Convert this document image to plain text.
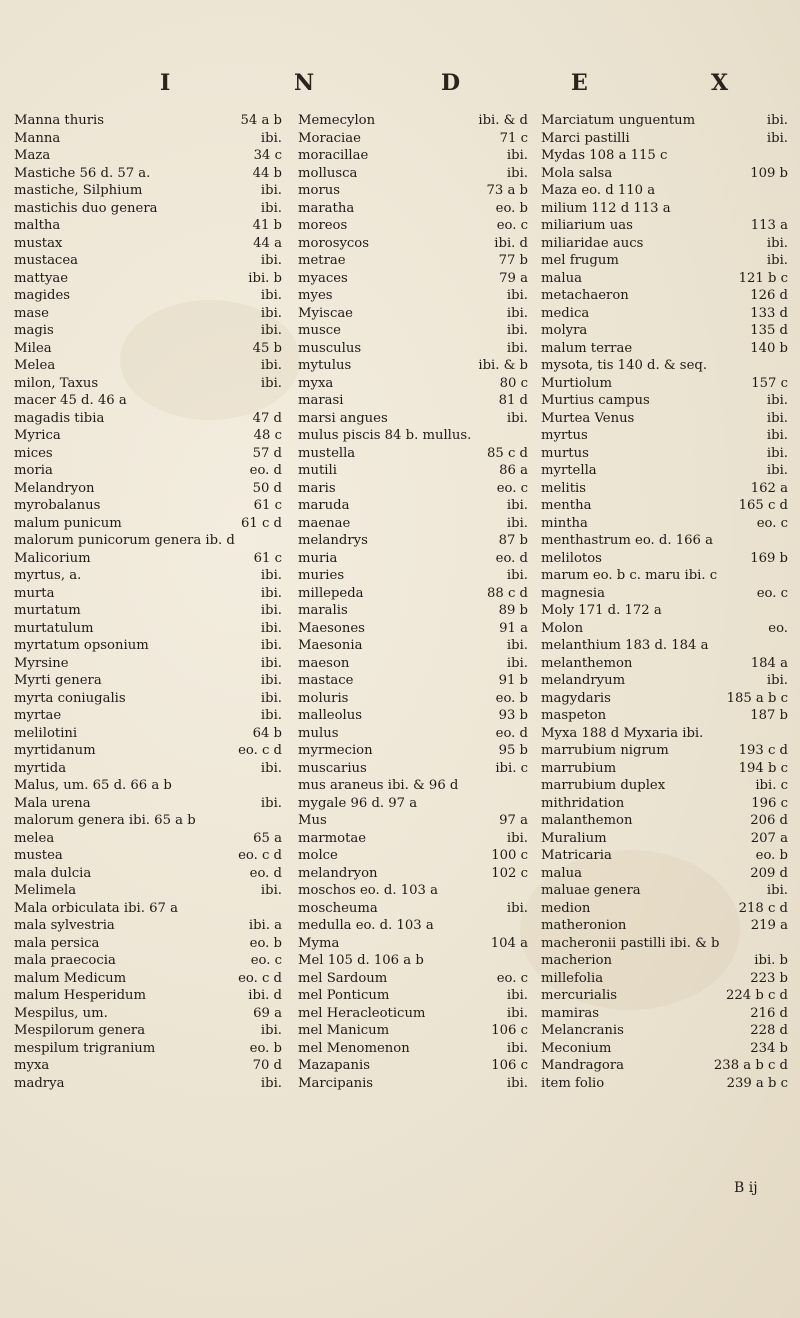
I	N	D	E	X
Manna thuris	54 a b
Manna	ibi.
Maza	34 c
Mastiche 56 d. 57 a.	44 b
mastiche, Silphium	ibi.
mastichis duo genera	ibi.
maltha	41 b
mustax	44 a
mustacea	ibi.
mattyae	ibi. b
magides	ibi.
mase	ibi.
magis	ibi.
Milea	45 b
Melea	ibi.
milon, Taxus	ibi.
macer 45 d. 46 a
magadis tibia	47 d
Myrica	48 c
mices	57 d
moria	eo. d
Melandryon	50 d
myrobalanus	61 c
malum punicum	61 c d
malorum punicorum genera ib. d
Malicorium	61 c
myrtus, a.	ibi.
murta	ibi.
murtatum	ibi.
murtatulum	ibi.
myrtatum opsonium	ibi.
Myrsine	ibi.
Myrti genera	ibi.
myrta coniugalis	ibi.
myrtae	ibi.
melilotini	64 b
myrtidanum	eo. c d
myrtida	ibi.
Malus, um. 65 d. 66 a b
Mala urena	ibi.
malorum genera ibi. 65 a b
melea	65 a
mustea	eo. c d
mala dulcia	eo. d
Melimela	ibi.
Mala orbiculata ibi. 67 a
mala sylvestria	ibi. a
mala persica	eo. b
mala praecocia	eo. c
malum Medicum	eo. c d
malum Hesperidum	ibi. d
Mespilus, um.	69 a
Mespilorum genera	ibi.
mespilum trigranium	eo. b
myxa	70 d
madrya	ibi.
Memecylon	ibi. & d
Moraciae	71 c
moracillae	ibi.
mollusca	ibi.
morus	73 a b
maratha	eo. b
moreos	eo. c
morosycos	ibi. d
metrae	77 b
myaces	79 a
myes	ibi.
Myiscae	ibi.
musce	ibi.
musculus	ibi.
mytulus	ibi. & b
myxa	80 c
marasi	81 d
marsi angues	ibi.
mulus piscis 84 b. mullus.
mustella	85 c d
mutili	86 a
maris	eo. c
maruda	ibi.
maenae	ibi.
melandrys	87 b
muria	eo. d
muries	ibi.
millepeda	88 c d
maralis	89 b
Maesones	91 a
Maesonia	ibi.
maeson	ibi.
mastace	91 b
moluris	eo. b
malleolus	93 b
mulus	eo. d
myrmecion	95 b
muscarius	ibi. c
mus araneus ibi. & 96 d
mygale 96 d. 97 a
Mus	97 a
marmotae	ibi.
molce	100 c
melandryon	102 c
moschos eo. d. 103 a
moscheuma	ibi.
medulla eo. d. 103 a
Myma	104 a
Mel 105 d. 106 a b
mel Sardoum	eo. c
mel Ponticum	ibi.
mel Heracleoticum	ibi.
mel Manicum	106 c
mel Menomenon	ibi.
Mazapanis	106 c
Marcipanis	ibi.
Marciatum unguentum	ibi.
Marci pastilli	ibi.
Mydas 108 a 115 c
Mola salsa	109 b
Maza eo. d 110 a
milium 112 d 113 a
miliarium uas	113 a
miliaridae aucs	ibi.
mel frugum	ibi.
malua	121 b c
metachaeron	126 d
medica	133 d
molyra	135 d
malum terrae	140 b
mysota, tis 140 d. & seq.
Murtiolum	157 c
Murtius campus	ibi.
Murtea Venus	ibi.
myrtus	ibi.
murtus	ibi.
myrtella	ibi.
melitis	162 a
mentha	165 c d
mintha	eo. c
menthastrum eo. d. 166 a
melilotos	169 b
marum eo. b c. maru ibi. c
magnesia	eo. c
Moly 171 d. 172 a
Molon	eo.
melanthium 183 d. 184 a
melanthemon	184 a
melandryum	ibi.
magydaris	185 a b c
maspeton	187 b
Myxa 188 d Myxaria ibi.
marrubium nigrum	193 c d
marrubium	194 b c
marrubium duplex	ibi. c
mithridation	196 c
malanthemon	206 d
Muralium	207 a
Matricaria	eo. b
malua	209 d
maluae genera	ibi.
medion	218 c d
matheronion	219 a
macheronii pastilli ibi. & b
macherion	ibi. b
millefolia	223 b
mercurialis	224 b c d
mamiras	216 d
Melancranis	228 d
Meconium	234 b
Mandragora	238 a b c d
item folio	239 a b c
B ij
